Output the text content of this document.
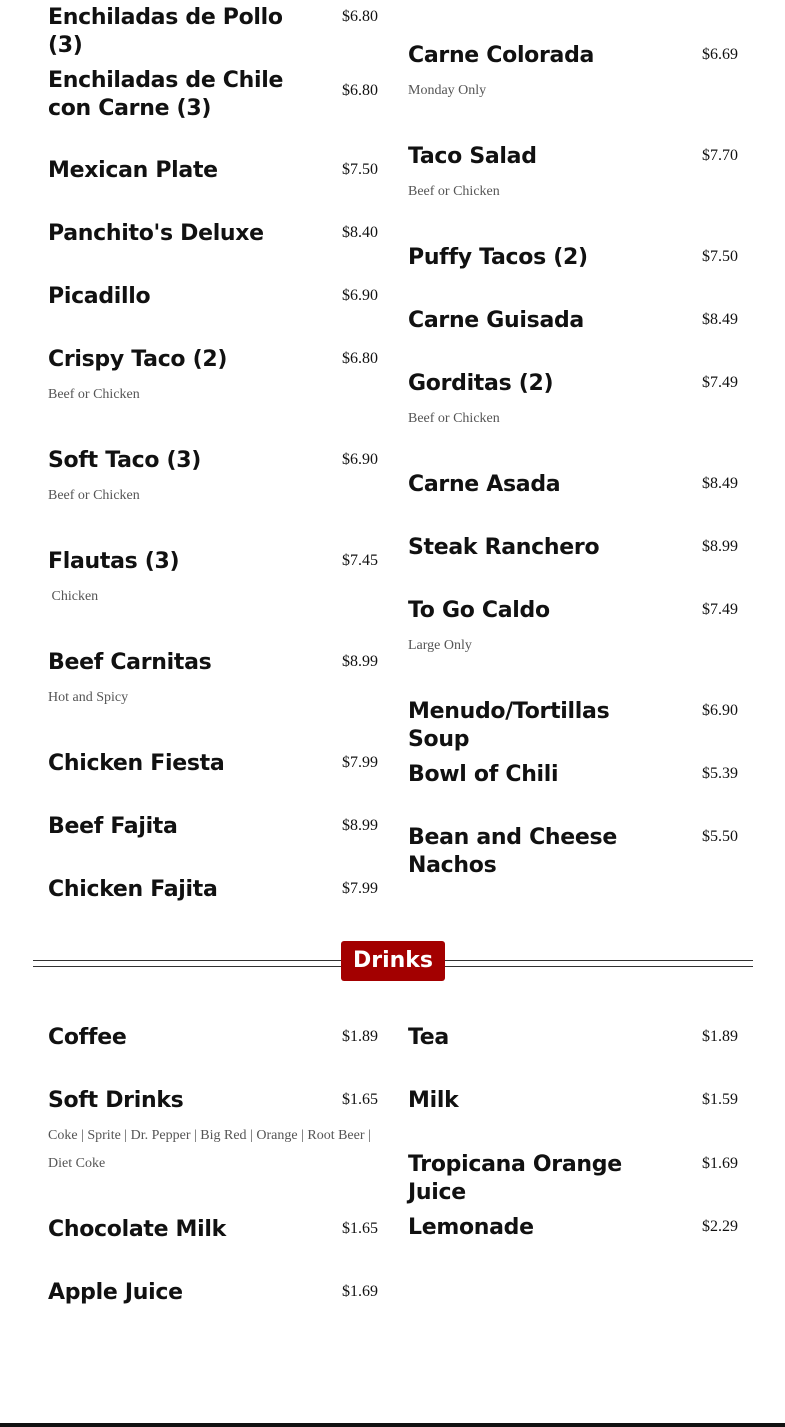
$6.80
Enchiladas de Pollo (3)
$6.80
Enchiladas de Chile con Carne (3)
$7.50
Mexican Plate
$8.40
Panchito's Deluxe
$6.90
Picadillo
$6.80
Crispy Taco (2)
Beef or Chicken
$6.90
Soft Taco (3)
Beef or Chicken
$7.45
Flautas (3)
Chicken
$8.99
Beef Carnitas
Hot and Spicy
$7.99
Chicken Fiesta
$8.99
Beef Fajita
$7.99
Chicken Fajita
$6.69
Carne Colorada
Monday Only
$7.70
Taco Salad
Beef or Chicken
$7.50
Puffy Tacos (2)
$8.49
Carne Guisada
$7.49
Gorditas (2)
Beef or Chicken
$8.49
Carne Asada
$8.99
Steak Ranchero
$7.49
To Go Caldo
Large Only
$6.90
Menudo/Tortillas Soup
$5.39
Bowl of Chili
$5.50
Bean and Cheese Nachos
Drinks
$1.89
Coffee
$1.65
Soft Drinks
Coke | Sprite | Dr. Pepper | Big Red | Orange | Root Beer | Diet Coke
$1.65
Chocolate Milk
$1.69
Apple Juice
$1.89
Tea
$1.59
Milk
$1.69
Tropicana Orange Juice
$2.29
Lemonade
